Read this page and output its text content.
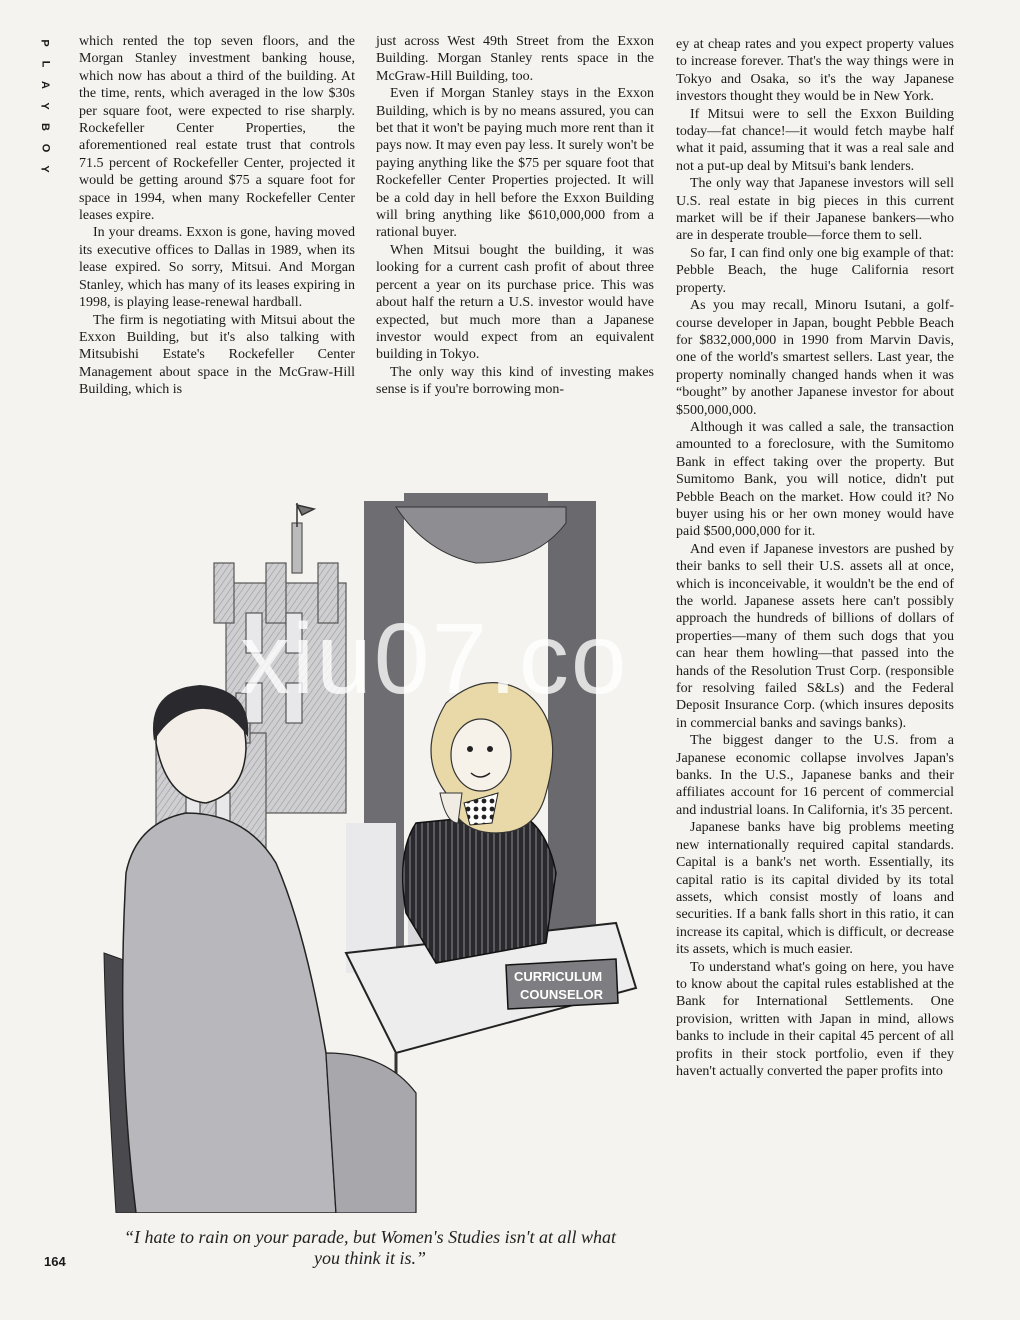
P
L
A
Y
B
O
Y

which rented the top seven floors, and the Morgan Stanley investment banking house, which now has about a third of the building. At the time, rents, which averaged in the low $30s per square foot, were expected to rise sharply. Rockefeller Center Properties, the aforementioned real estate trust that controls 71.5 percent of Rockefeller Center, projected it would be getting around $75 a square foot for space in 1994, when many Rockefeller Center leases expire.

In your dreams. Exxon is gone, having moved its executive offices to Dallas in 1989, when its lease expired. So sorry, Mitsui. And Morgan Stanley, which has many of its leases expiring in 1998, is playing lease-renewal hardball.

The firm is negotiating with Mitsui about the Exxon Building, but it's also talking with Mitsubishi Estate's Rockefeller Center Management about space in the McGraw-Hill Building, which is

just across West 49th Street from the Exxon Building. Morgan Stanley rents space in the McGraw-Hill Building, too.

Even if Morgan Stanley stays in the Exxon Building, which is by no means assured, you can bet that it won't be paying much more rent than it pays now. It may even pay less. It surely won't be paying anything like the $75 per square foot that Rockefeller Center Properties projected. It will be a cold day in hell before the Exxon Building will bring anything like $610,000,000 from a rational buyer.

When Mitsui bought the building, it was looking for a current cash profit of about three percent a year on its purchase price. This was about half the return a U.S. investor would have expected, but much more than a Japanese investor would expect from an equivalent building in Tokyo.

The only way this kind of investing makes sense is if you're borrowing mon-

ey at cheap rates and you expect property values to increase forever. That's the way things were in Tokyo and Osaka, so it's the way Japanese investors thought they would be in New York.

If Mitsui were to sell the Exxon Building today—fat chance!—it would fetch maybe half what it paid, assuming that it was a real sale and not a put-up deal by Mitsui's bank lenders.

The only way that Japanese investors will sell U.S. real estate in big pieces in this current market will be if their Japanese bankers—who are in desperate trouble—force them to sell.

So far, I can find only one big example of that: Pebble Beach, the huge California resort property.

As you may recall, Minoru Isutani, a golf-course developer in Japan, bought Pebble Beach for $832,000,000 in 1990 from Marvin Davis, one of the world's smartest sellers. Last year, the property nominally changed hands when it was “bought” by another Japanese investor for about $500,000,000.

Although it was called a sale, the transaction amounted to a foreclosure, with the Sumitomo Bank in effect taking over the property. But Sumitomo Bank, you will notice, didn't put Pebble Beach on the market. How could it? No buyer using his or her own money would have paid $500,000,000 for it.

And even if Japanese investors are pushed by their banks to sell their U.S. assets all at once, which is inconceivable, it wouldn't be the end of the world. Japanese assets here can't possibly approach the hundreds of billions of dollars of properties—many of them such dogs that you can hear them howling—that passed into the hands of the Resolution Trust Corp. (responsible for resolving failed S&Ls) and the Federal Deposit Insurance Corp. (which insures deposits in commercial banks and savings banks).

The biggest danger to the U.S. from a Japanese economic collapse involves Japan's banks. In the U.S., Japanese banks and their affiliates account for 16 percent of commercial and industrial loans. In California, it's 35 percent.

Japanese banks have big problems meeting new internationally required capital standards. Capital is a bank's net worth. Essentially, its capital ratio is its capital divided by its total assets, which consist mostly of loans and securities. If a bank falls short in this ratio, it can increase its capital, which is difficult, or decrease its assets, which is much easier.

To understand what's going on here, you have to know about the capital rules established at the Bank for International Settlements. One provision, written with Japan in mind, allows banks to include in their capital 45 percent of all profits in their stock portfolio, even if they haven't actually converted the paper profits into

CURRICULUM
COUNSELOR
xiu07.co
“I hate to rain on your parade, but Women's Studies isn't at all what you think it is.”
164
